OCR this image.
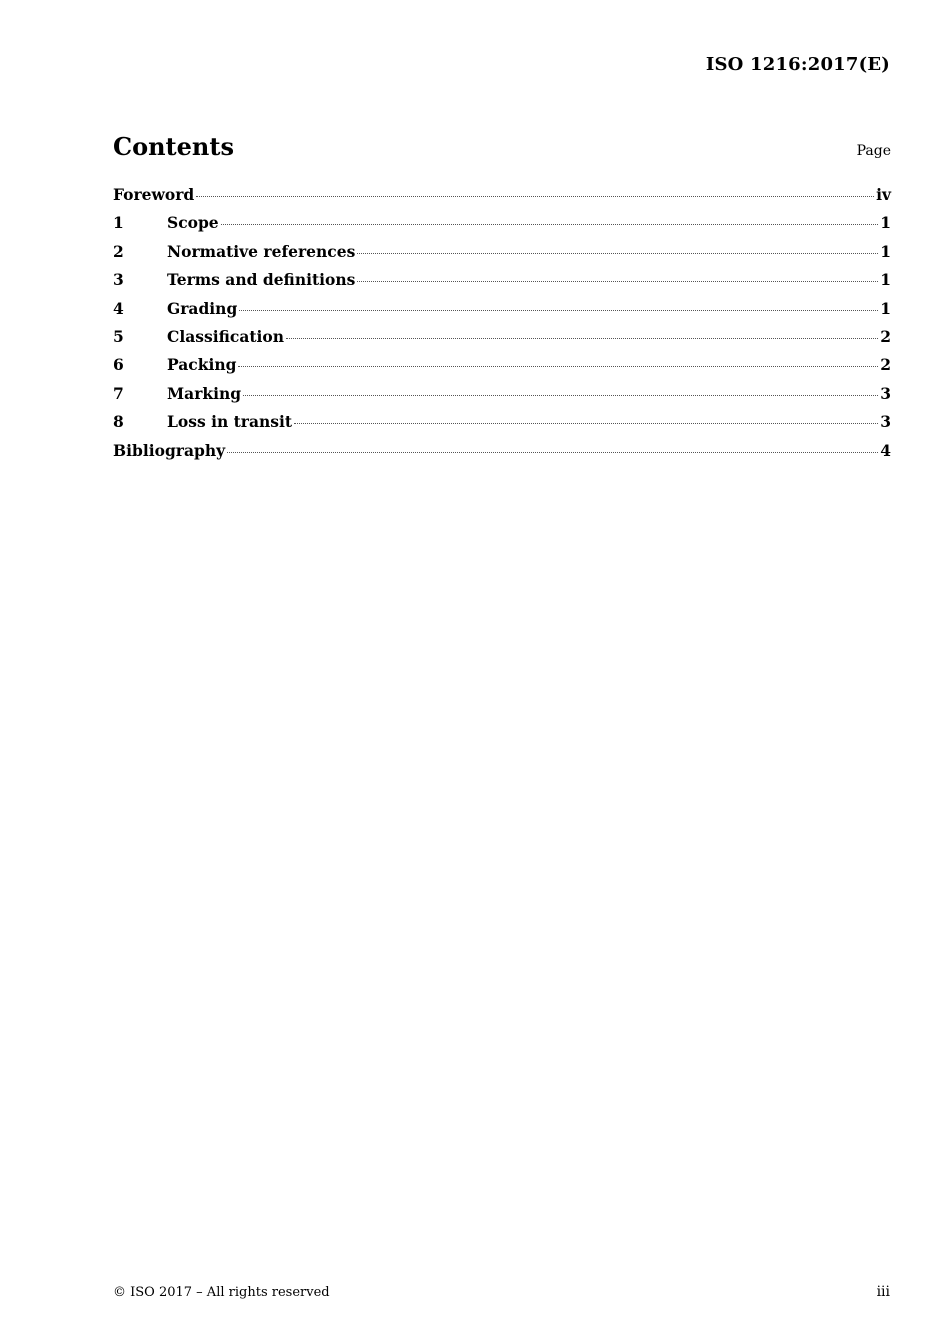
ISO 1216:2017(E)
Contents	Page
Foreword	iv
1	Scope	1
2	Normative references	1
3	Terms and definitions	1
4	Grading	1
5	Classification	2
6	Packing	2
7	Marking	3
8	Loss in transit	3
Bibliography	4
© ISO 2017 – All rights reserved	iii
